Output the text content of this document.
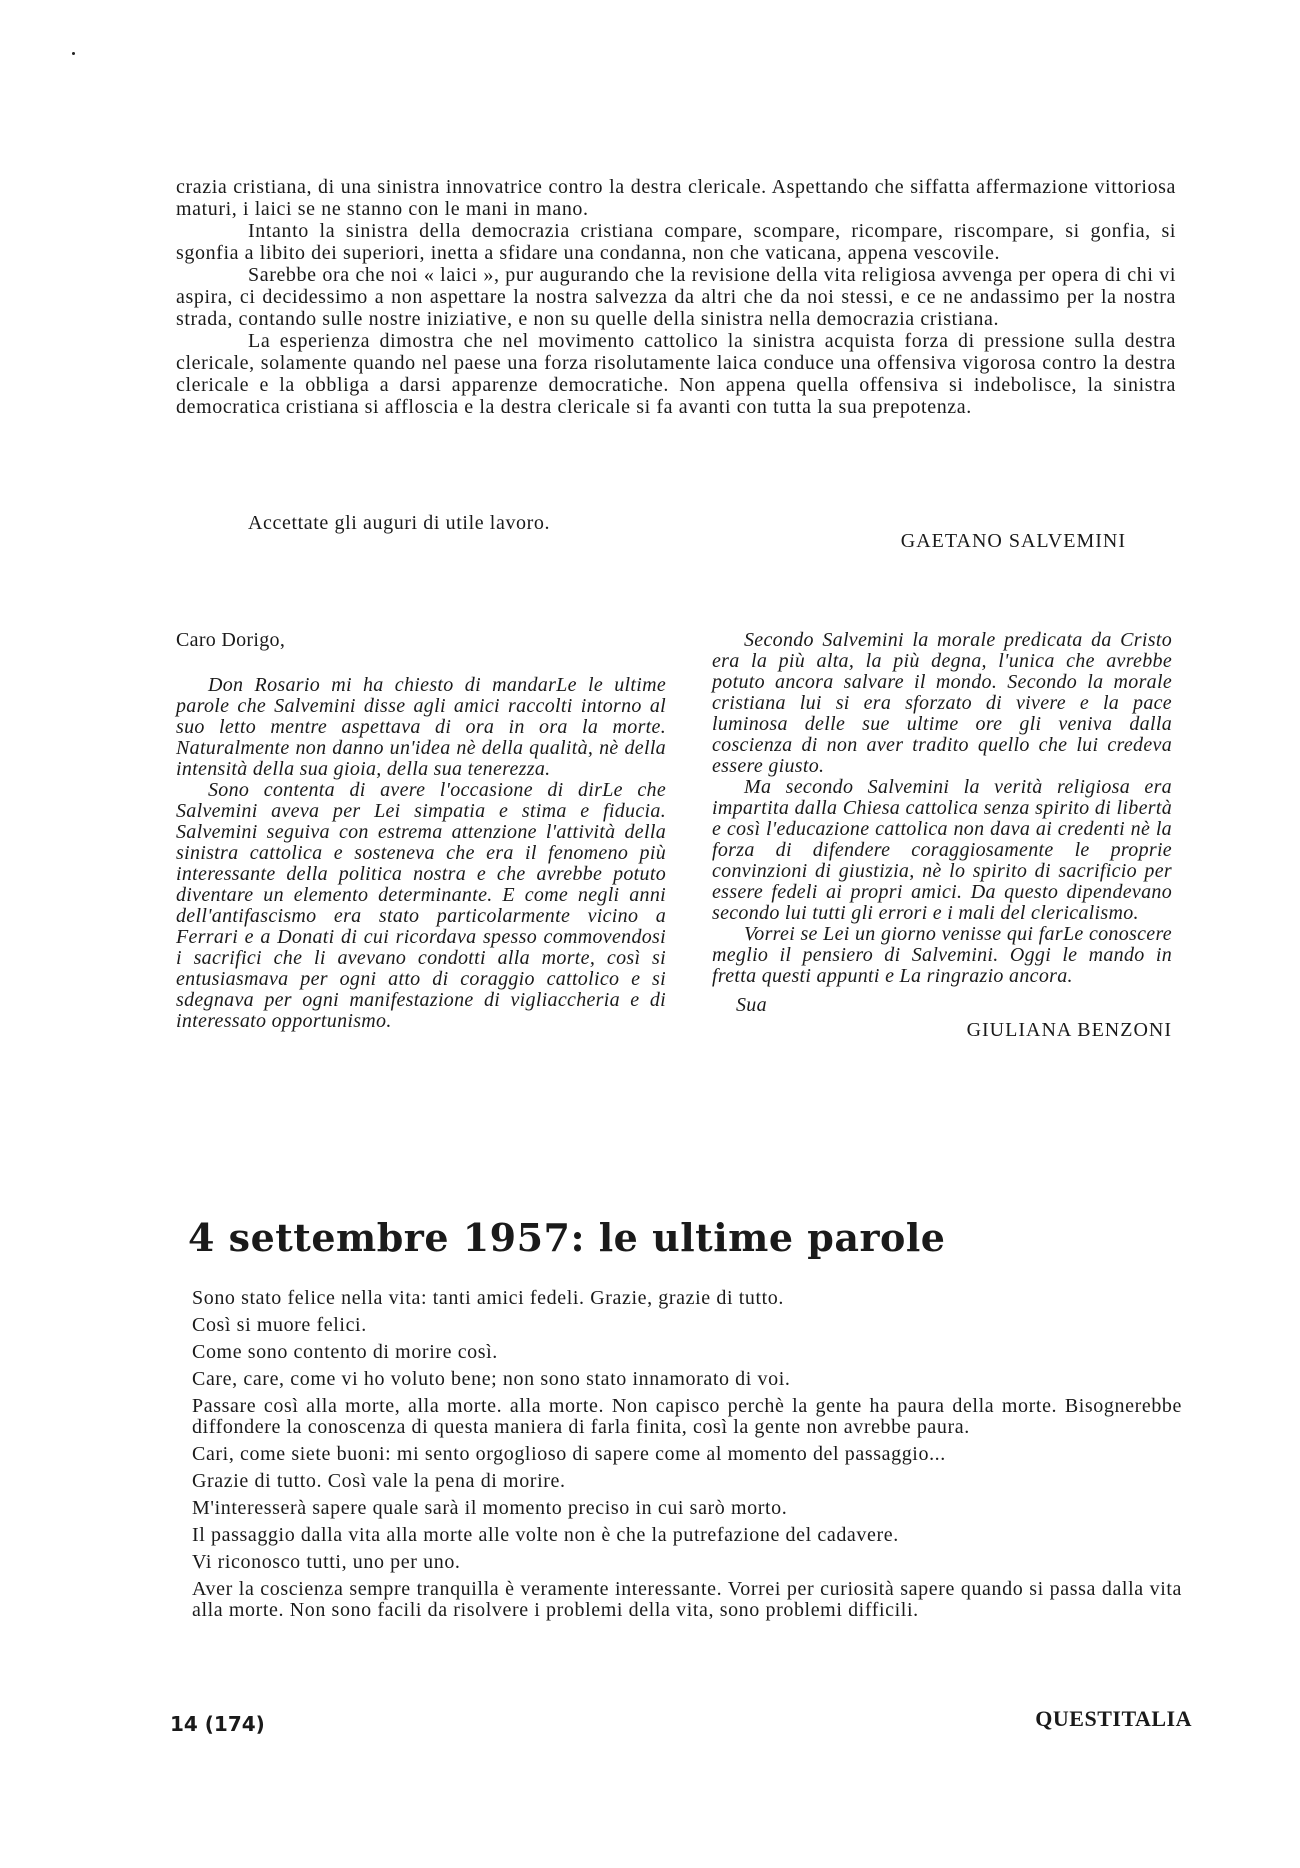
crazia cristiana, di una sinistra innovatrice contro la destra clericale. Aspettando che siffatta affermazione vittoriosa maturi, i laici se ne stanno con le mani in mano.

Intanto la sinistra della democrazia cristiana compare, scompare, ricompare, riscompare, si gonfia, si sgonfia a libito dei superiori, inetta a sfidare una condanna, non che vaticana, appena vescovile.

Sarebbe ora che noi « laici », pur augurando che la revisione della vita religiosa avvenga per opera di chi vi aspira, ci decidessimo a non aspettare la nostra salvezza da altri che da noi stessi, e ce ne andassimo per la nostra strada, contando sulle nostre iniziative, e non su quelle della sinistra nella democrazia cristiana.

La esperienza dimostra che nel movimento cattolico la sinistra acquista forza di pressione sulla destra clericale, solamente quando nel paese una forza risolutamente laica conduce una offensiva vigorosa contro la destra clericale e la obbliga a darsi apparenze democratiche. Non appena quella offensiva si indebolisce, la sinistra democratica cristiana si affloscia e la destra clericale si fa avanti con tutta la sua prepotenza.

Accettate gli auguri di utile lavoro.
GAETANO SALVEMINI

Caro Dorigo,

Don Rosario mi ha chiesto di mandarLe le ultime parole che Salvemini disse agli amici raccolti intorno al suo letto mentre aspettava di ora in ora la morte. Naturalmente non danno un'idea nè della qualità, nè della intensità della sua gioia, della sua tenerezza.

Sono contenta di avere l'occasione di dirLe che Salvemini aveva per Lei simpatia e stima e fiducia. Salvemini seguiva con estrema attenzione l'attività della sinistra cattolica e sosteneva che era il fenomeno più interessante della politica nostra e che avrebbe potuto diventare un elemento determinante. E come negli anni dell'antifascismo era stato particolarmente vicino a Ferrari e a Donati di cui ricordava spesso commovendosi i sacrifici che li avevano condotti alla morte, così si entusiasmava per ogni atto di coraggio cattolico e si sdegnava per ogni manifestazione di vigliaccheria e di interessato opportunismo.

Secondo Salvemini la morale predicata da Cristo era la più alta, la più degna, l'unica che avrebbe potuto ancora salvare il mondo. Secondo la morale cristiana lui si era sforzato di vivere e la pace luminosa delle sue ultime ore gli veniva dalla coscienza di non aver tradito quello che lui credeva essere giusto.

Ma secondo Salvemini la verità religiosa era impartita dalla Chiesa cattolica senza spirito di libertà e così l'educazione cattolica non dava ai credenti nè la forza di difendere coraggiosamente le proprie convinzioni di giustizia, nè lo spirito di sacrificio per essere fedeli ai propri amici. Da questo dipendevano secondo lui tutti gli errori e i mali del clericalismo.

Vorrei se Lei un giorno venisse qui farLe conoscere meglio il pensiero di Salvemini. Oggi le mando in fretta questi appunti e La ringrazio ancora.

Sua

GIULIANA BENZONI

4 settembre 1957: le ultime parole

Sono stato felice nella vita: tanti amici fedeli. Grazie, grazie di tutto.

Così si muore felici.

Come sono contento di morire così.

Care, care, come vi ho voluto bene; non sono stato innamorato di voi.

Passare così alla morte, alla morte. alla morte. Non capisco perchè la gente ha paura della morte. Bisognerebbe diffondere la conoscenza di questa maniera di farla finita, così la gente non avrebbe paura.

Cari, come siete buoni: mi sento orgoglioso di sapere come al momento del passaggio...

Grazie di tutto. Così vale la pena di morire.

M'interesserà sapere quale sarà il momento preciso in cui sarò morto.

Il passaggio dalla vita alla morte alle volte non è che la putrefazione del cadavere.

Vi riconosco tutti, uno per uno.

Aver la coscienza sempre tranquilla è veramente interessante. Vorrei per curiosità sapere quando si passa dalla vita alla morte. Non sono facili da risolvere i problemi della vita, sono problemi difficili.

14 (174)	QUESTITALIA
